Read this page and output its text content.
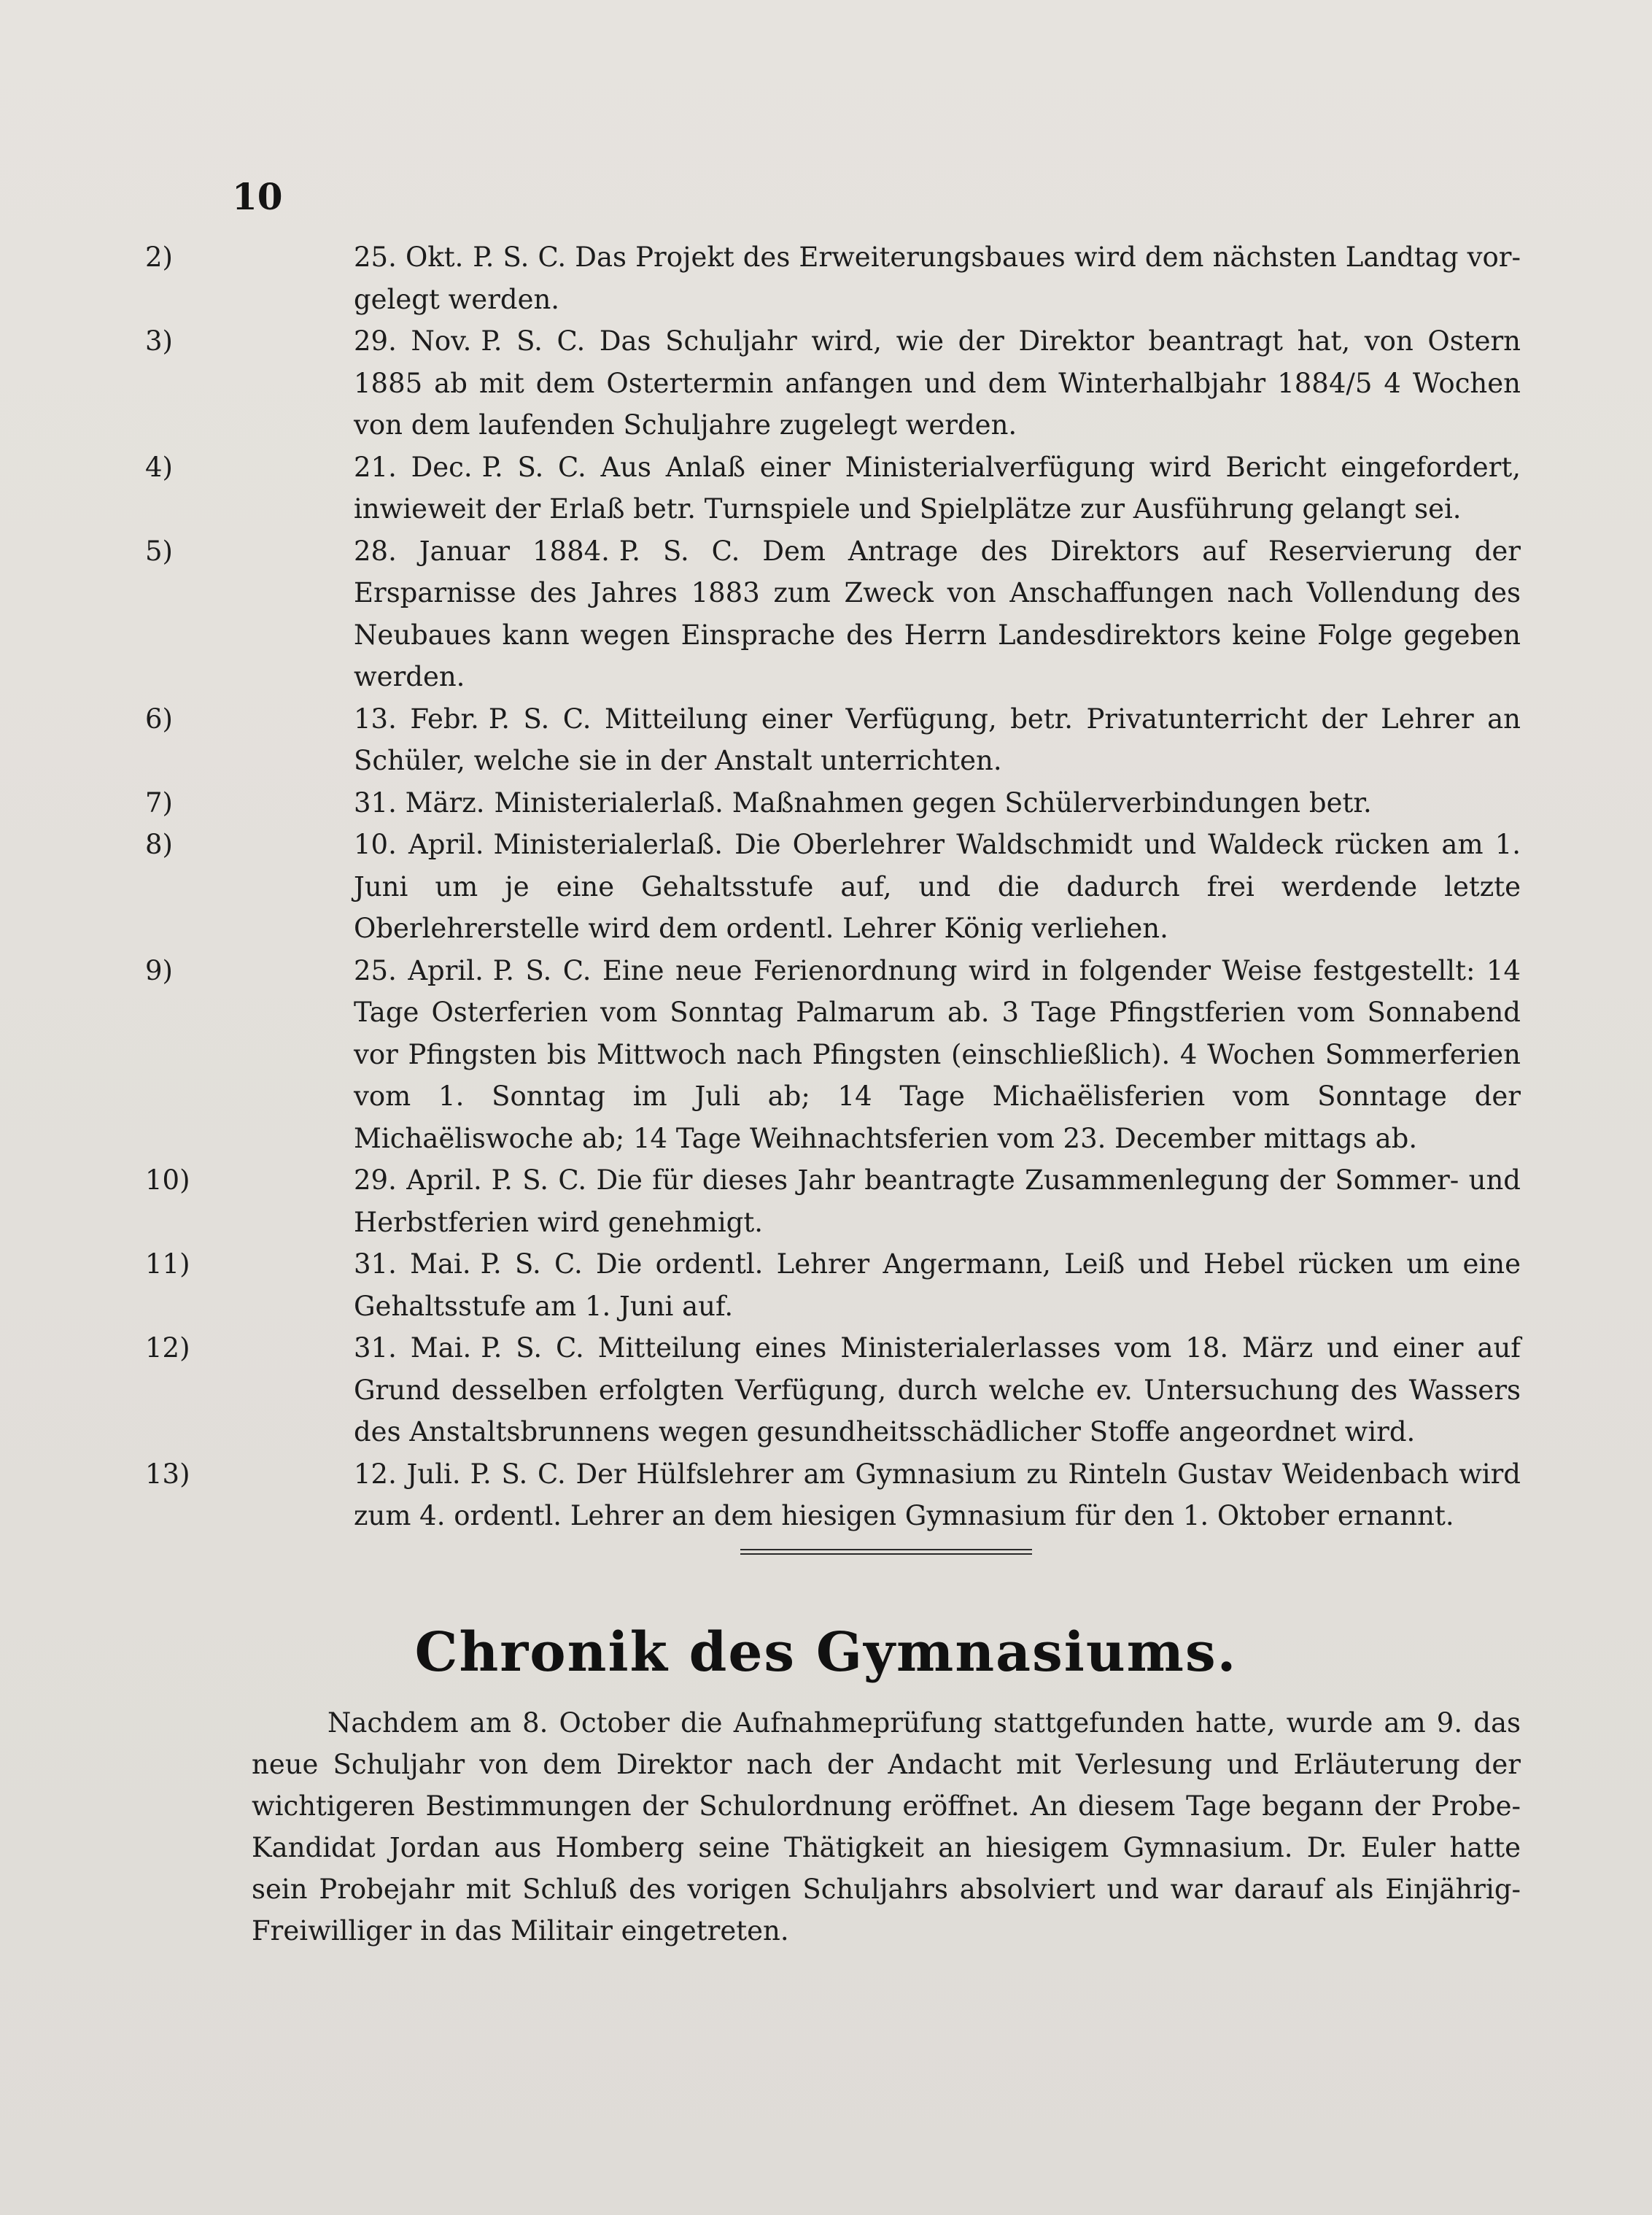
10
2)	25. Okt. P. S. C. Das Projekt des Erweiterungsbaues wird dem nächsten Landtag vor-gelegt werden.
3)	29. Nov. P. S. C. Das Schuljahr wird, wie der Direktor beantragt hat, von Ostern 1885 ab mit dem Ostertermin anfangen und dem Winterhalbjahr 1884/5 4 Wochen von dem laufenden Schuljahre zugelegt werden.
4)	21. Dec. P. S. C. Aus Anlaß einer Ministerialverfügung wird Bericht eingefordert, inwieweit der Erlaß betr. Turnspiele und Spielplätze zur Ausführung gelangt sei.
5)	28. Januar 1884. P. S. C. Dem Antrage des Direktors auf Reservierung der Ersparnisse des Jahres 1883 zum Zweck von Anschaffungen nach Vollendung des Neubaues kann wegen Einsprache des Herrn Landesdirektors keine Folge gegeben werden.
6)	13. Febr. P. S. C. Mitteilung einer Verfügung, betr. Privatunterricht der Lehrer an Schüler, welche sie in der Anstalt unterrichten.
7)	31. März. Ministerialerlaß. Maßnahmen gegen Schülerverbindungen betr.
8)	10. April. Ministerialerlaß. Die Oberlehrer Waldschmidt und Waldeck rücken am 1. Juni um je eine Gehaltsstufe auf, und die dadurch frei werdende letzte Oberlehrerstelle wird dem ordentl. Lehrer König verliehen.
9)	25. April. P. S. C. Eine neue Ferienordnung wird in folgender Weise festgestellt: 14 Tage Osterferien vom Sonntag Palmarum ab. 3 Tage Pfingstferien vom Sonnabend vor Pfingsten bis Mittwoch nach Pfingsten (einschließlich). 4 Wochen Sommerferien vom 1. Sonntag im Juli ab; 14 Tage Michaëlisferien vom Sonntage der Michaëliswoche ab; 14 Tage Weihnachtsferien vom 23. December mittags ab.
10)	29. April. P. S. C. Die für dieses Jahr beantragte Zusammenlegung der Sommer- und Herbstferien wird genehmigt.
11)	31. Mai. P. S. C. Die ordentl. Lehrer Angermann, Leiß und Hebel rücken um eine Gehaltsstufe am 1. Juni auf.
12)	31. Mai. P. S. C. Mitteilung eines Ministerialerlasses vom 18. März und einer auf Grund desselben erfolgten Verfügung, durch welche ev. Untersuchung des Wassers des Anstaltsbrunnens wegen gesundheitsschädlicher Stoffe angeordnet wird.
13)	12. Juli. P. S. C. Der Hülfslehrer am Gymnasium zu Rinteln Gustav Weidenbach wird zum 4. ordentl. Lehrer an dem hiesigen Gymnasium für den 1. Oktober ernannt.
Chronik des Gymnasiums.
Nachdem am 8. October die Aufnahmeprüfung stattgefunden hatte, wurde am 9. das neue Schuljahr von dem Direktor nach der Andacht mit Verlesung und Erläuterung der wichtigeren Bestimmungen der Schulordnung eröffnet. An diesem Tage begann der Probe-Kandidat Jordan aus Homberg seine Thätigkeit an hiesigem Gymnasium. Dr. Euler hatte sein Probejahr mit Schluß des vorigen Schuljahrs absolviert und war darauf als Einjährig-Freiwilliger in das Militair eingetreten.
